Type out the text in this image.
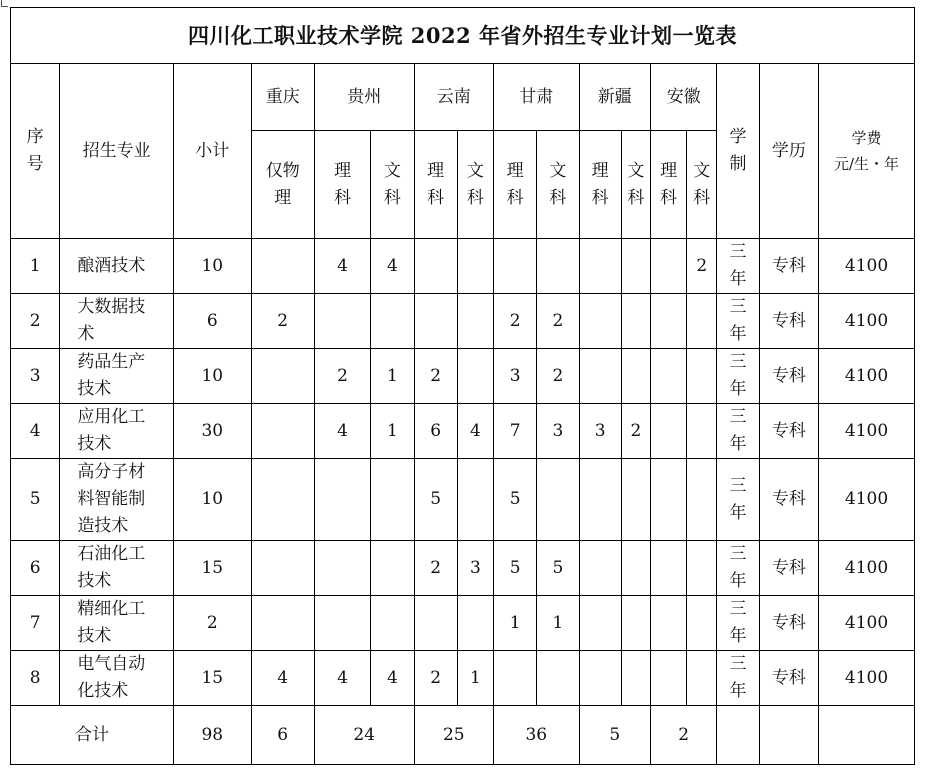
四川化工职业技术学院 2022 年省外招生专业计划一览表																
序号	招生专业	小计	重庆	贵州		云南		甘肃		新疆		安徽		学制	学历	学费
元/生・年

			仅物理	理科	文科	理科	文科	理科	文科	理科	文科	理科	文科			
1	酿酒技术	10		4	4								2	三年	专科	4100
2	大数据技术	6	2					2	2					三年	专科	4100
3	药品生产技术	10		2	1	2		3	2					三年	专科	4100
4	应用化工技术	30		4	1	6	4	7	3	3	2			三年	专科	4100
5	高分子材料智能制造技术	10				5		5						三年	专科	4100
6	石油化工技术	15				2	3	5	5					三年	专科	4100
7	精细化工技术	2						1	1					三年	专科	4100
8	电气自动化技术	15	4	4	4	2	1							三年	专科	4100
合计		98	6	24		25		36		5		2				
